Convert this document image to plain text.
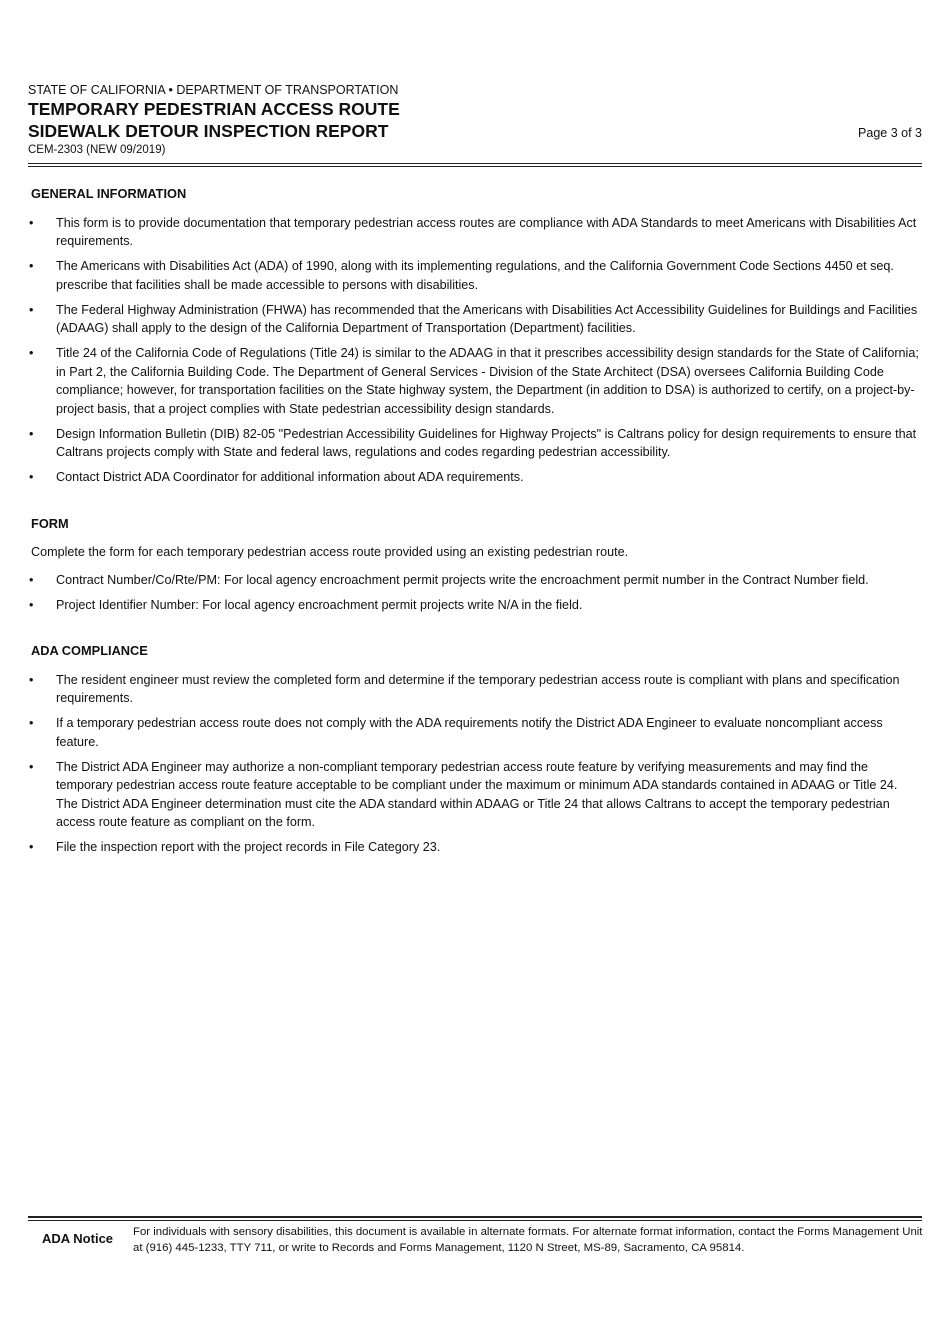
STATE OF CALIFORNIA • DEPARTMENT OF TRANSPORTATION
TEMPORARY PEDESTRIAN ACCESS ROUTE
SIDEWALK DETOUR INSPECTION REPORT
CEM-2303 (NEW 09/2019)
Page 3 of 3
GENERAL INFORMATION
• This form is to provide documentation that temporary pedestrian access routes are compliance with ADA Standards to meet Americans with Disabilities Act requirements.
• The Americans with Disabilities Act (ADA) of 1990, along with its implementing regulations, and the California Government Code Sections 4450 et seq. prescribe that facilities shall be made accessible to persons with disabilities.
• The Federal Highway Administration (FHWA) has recommended that the Americans with Disabilities Act Accessibility Guidelines for Buildings and Facilities (ADAAG) shall apply to the design of the California Department of Transportation (Department) facilities.
• Title 24 of the California Code of Regulations (Title 24) is similar to the ADAAG in that it prescribes accessibility design standards for the State of California; in Part 2, the California Building Code. The Department of General Services - Division of the State Architect (DSA) oversees California Building Code compliance; however, for transportation facilities on the State highway system, the Department (in addition to DSA) is authorized to certify, on a project-by-project basis, that a project complies with State pedestrian accessibility design standards.
• Design Information Bulletin (DIB) 82-05 "Pedestrian Accessibility Guidelines for Highway Projects" is Caltrans policy for design requirements to ensure that Caltrans projects comply with State and federal laws, regulations and codes regarding pedestrian accessibility.
• Contact District ADA Coordinator for additional information about ADA requirements.
FORM
Complete the form for each temporary pedestrian access route provided using an existing pedestrian route.
• Contract Number/Co/Rte/PM: For local agency encroachment permit projects write the encroachment permit number in the Contract Number field.
• Project Identifier Number: For local agency encroachment permit projects write N/A in the field.
ADA COMPLIANCE
• The resident engineer must review the completed form and determine if the temporary pedestrian access route is compliant with plans and specification requirements.
• If a temporary pedestrian access route does not comply with the ADA requirements notify the District ADA Engineer to evaluate noncompliant access feature.
• The District ADA Engineer may authorize a non-compliant temporary pedestrian access route feature by verifying measurements and may find the temporary pedestrian access route feature acceptable to be compliant under the maximum or minimum ADA standards contained in ADAAG or Title 24. The District ADA Engineer determination must cite the ADA standard within ADAAG or Title 24 that allows Caltrans to accept the temporary pedestrian access route feature as compliant on the form.
• File the inspection report with the project records in File Category 23.
ADA Notice For individuals with sensory disabilities, this document is available in alternate formats. For alternate format information, contact the Forms Management Unit at (916) 445-1233, TTY 711, or write to Records and Forms Management, 1120 N Street, MS-89, Sacramento, CA 95814.
